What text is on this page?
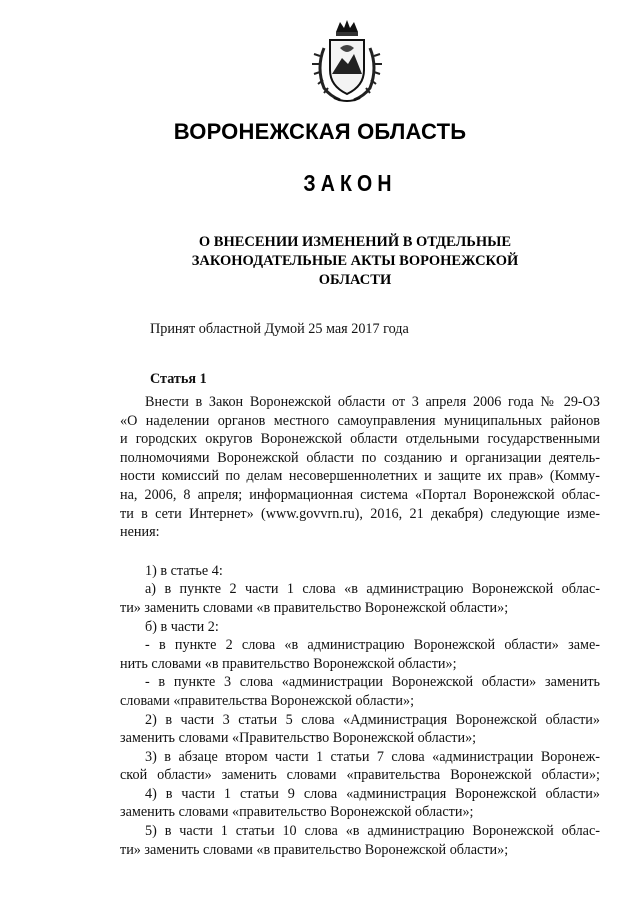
ВОРОНЕЖСКАЯ ОБЛАСТЬ
ЗАКОН
О ВНЕСЕНИИ ИЗМЕНЕНИЙ В ОТДЕЛЬНЫЕ
ЗАКОНОДАТЕЛЬНЫЕ АКТЫ ВОРОНЕЖСКОЙ
ОБЛАСТИ
Принят областной Думой 25 мая 2017 года
Статья 1
Внести в Закон Воронежской области от 3 апреля 2006 года № 29-ОЗ
«О наделении органов местного самоуправления муниципальных районов
и городских округов Воронежской области отдельными государственными
полномочиями Воронежской области по созданию и организации деятель-
ности комиссий по делам несовершеннолетних и защите их прав» (Комму-
на, 2006, 8 апреля; информационная система «Портал Воронежской облас-
ти в сети Интернет» (www.govvrn.ru), 2016, 21 декабря) следующие изме-
нения:
1) в статье 4:
а) в пункте 2 части 1 слова «в администрацию Воронежской облас-
ти» заменить словами «в правительство Воронежской области»;
б) в части 2:
- в пункте 2 слова «в администрацию Воронежской области» заме-
нить словами «в правительство Воронежской области»;
- в пункте 3 слова «администрации Воронежской области» заменить
словами «правительства Воронежской области»;
2) в части 3 статьи 5 слова «Администрация Воронежской области»
заменить словами «Правительство Воронежской области»;
3) в абзаце втором части 1 статьи 7 слова «администрации Воронеж-
ской области» заменить словами «правительства Воронежской области»;
4) в части 1 статьи 9 слова «администрация Воронежской области»
заменить словами «правительство Воронежской области»;
5) в части 1 статьи 10 слова «в администрацию Воронежской облас-
ти» заменить словами «в правительство Воронежской области»;
